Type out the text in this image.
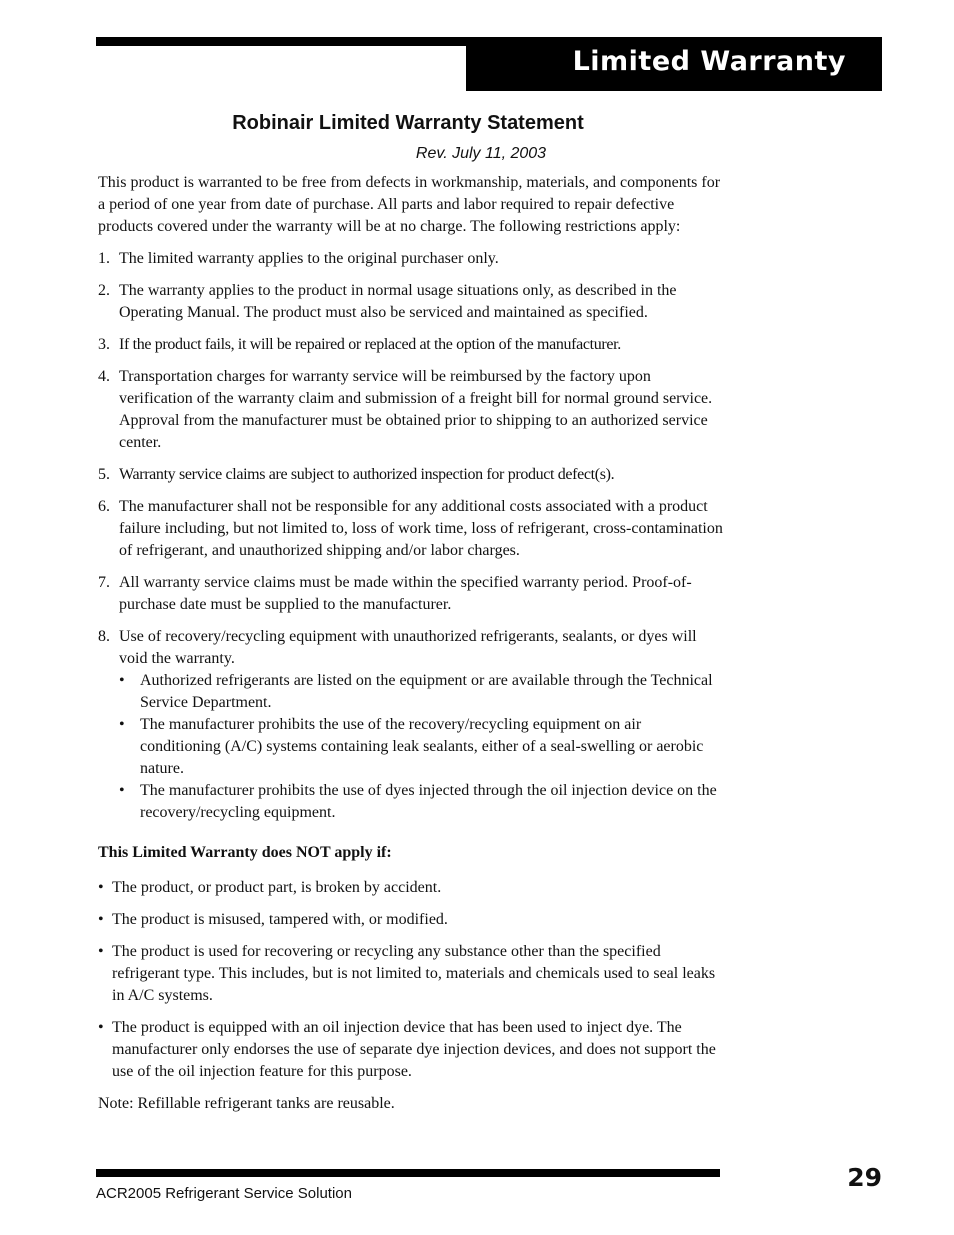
Limited Warranty
Robinair Limited Warranty Statement
Rev. July 11, 2003

This product is warranted to be free from defects in workmanship, materials, and components for a period of one year from date of purchase. All parts and labor required to repair defective products covered under the warranty will be at no charge. The following restrictions apply:

1. The limited warranty applies to the original purchaser only.
2. The warranty applies to the product in normal usage situations only, as described in the Operating Manual. The product must also be serviced and maintained as specified.
3. If the product fails, it will be repaired or replaced at the option of the manufacturer.
4. Transportation charges for warranty service will be reimbursed by the factory upon verification of the warranty claim and submission of a freight bill for normal ground service. Approval from the manufacturer must be obtained prior to shipping to an authorized service center.
5. Warranty service claims are subject to authorized inspection for product defect(s).
6. The manufacturer shall not be responsible for any additional costs associated with a product failure including, but not limited to, loss of work time, loss of refrigerant, cross-contamination of refrigerant, and unauthorized shipping and/or labor charges.
7. All warranty service claims must be made within the specified warranty period. Proof-of-purchase date must be supplied to the manufacturer.
8. Use of recovery/recycling equipment with unauthorized refrigerants, sealants, or dyes will void the warranty.
• Authorized refrigerants are listed on the equipment or are available through the Technical Service Department.
• The manufacturer prohibits the use of the recovery/recycling equipment on air conditioning (A/C) systems containing leak sealants, either of a seal-swelling or aerobic nature.
• The manufacturer prohibits the use of dyes injected through the oil injection device on the recovery/recycling equipment.

This Limited Warranty does NOT apply if:

• The product, or product part, is broken by accident.
• The product is misused, tampered with, or modified.
• The product is used for recovering or recycling any substance other than the specified refrigerant type. This includes, but is not limited to, materials and chemicals used to seal leaks in A/C systems.
• The product is equipped with an oil injection device that has been used to inject dye. The manufacturer only endorses the use of separate dye injection devices, and does not support the use of the oil injection feature for this purpose.

Note: Refillable refrigerant tanks are reusable.

ACR2005 Refrigerant Service Solution
29
